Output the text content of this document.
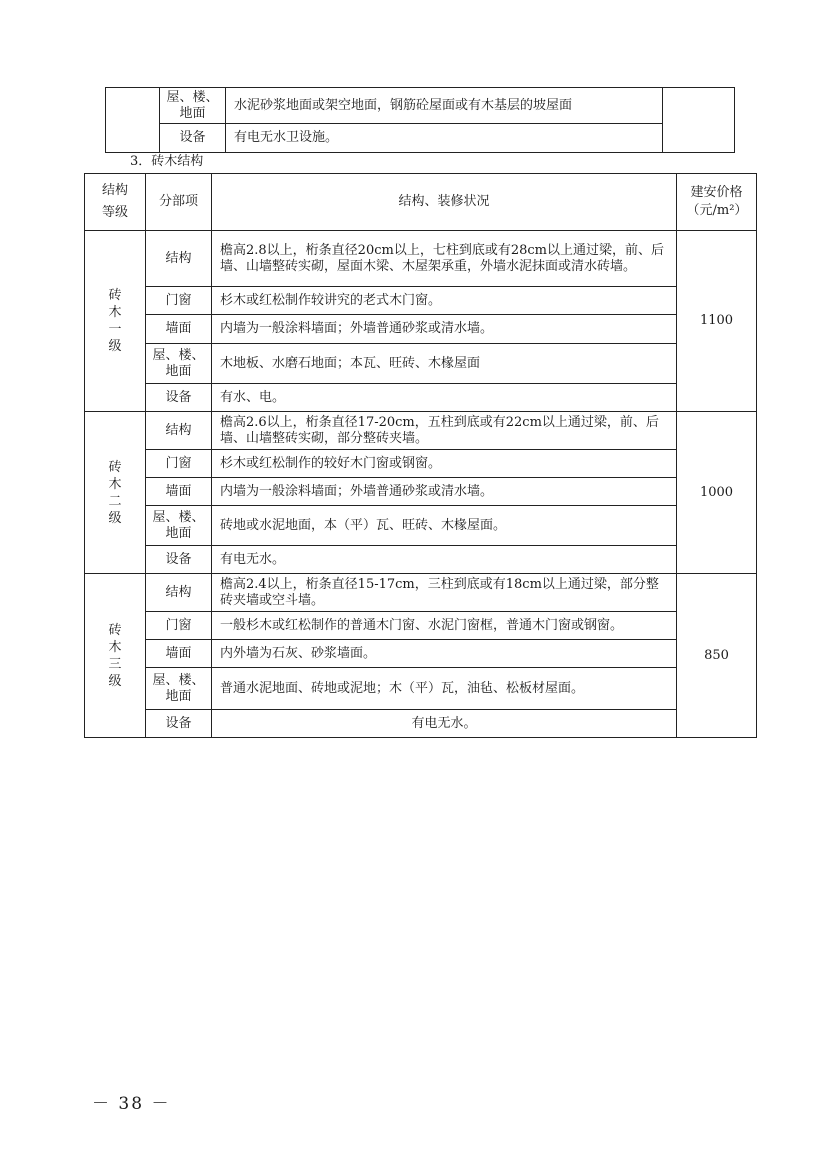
	屋、楼、地面	水泥砂浆地面或架空地面，钢筋砼屋面或有木基层的坡屋面	
	设备	有电无水卫设施。	
3．砖木结构
结构等级	分部项	结构、装修状况	建安价格（元/m²）
砖木一级	结构	檐高2.8以上，桁条直径20cm以上，七柱到底或有28cm以上通过梁，前、后墙、山墙整砖实砌，屋面木梁、木屋架承重，外墙水泥抹面或清水砖墙。	1100
	门窗	杉木或红松制作较讲究的老式木门窗。	
	墙面	内墙为一般涂料墙面；外墙普通砂浆或清水墙。	
	屋、楼、地面	木地板、水磨石地面；本瓦、旺砖、木椽屋面	
	设备	有水、电。	
砖木二级	结构	檐高2.6以上，桁条直径17-20cm，五柱到底或有22cm以上通过梁，前、后墙、山墙整砖实砌，部分整砖夹墙。	1000
	门窗	杉木或红松制作的较好木门窗或钢窗。	
	墙面	内墙为一般涂料墙面；外墙普通砂浆或清水墙。	
	屋、楼、地面	砖地或水泥地面，本（平）瓦、旺砖、木椽屋面。	
	设备	有电无水。	
砖木三级	结构	檐高2.4以上，桁条直径15-17cm，三柱到底或有18cm以上通过梁，部分整砖夹墙或空斗墙。	850
	门窗	一般杉木或红松制作的普通木门窗、水泥门窗框，普通木门窗或钢窗。	
	墙面	内外墙为石灰、砂浆墙面。	
	屋、楼、地面	普通水泥地面、砖地或泥地；木（平）瓦，油毡、松板材屋面。	
	设备	有电无水。	
－ 38 －
